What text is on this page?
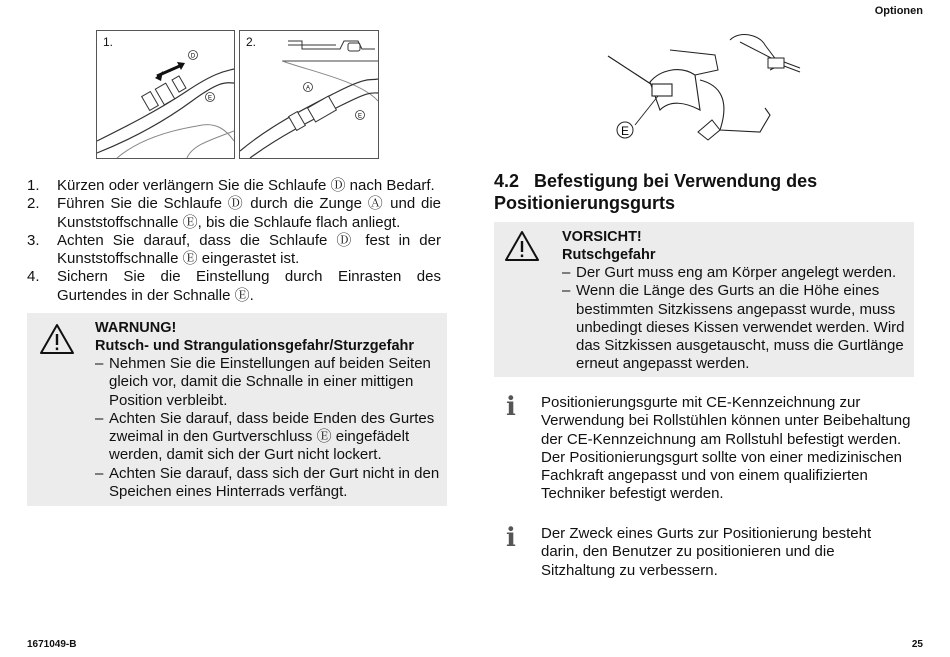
Optionen
1.
D
E
2.
A
E
E
1. Kürzen oder verlängern Sie die Schlaufe Ⓓ nach Bedarf.
2. Führen Sie die Schlaufe Ⓓ durch die Zunge Ⓐ und die Kunststoffschnalle Ⓔ, bis die Schlaufe flach anliegt.
3. Achten Sie darauf, dass die Schlaufe Ⓓ fest in der Kunststoffschnalle Ⓔ eingerastet ist.
4. Sichern Sie die Einstellung durch Einrasten des Gurtendes in der Schnalle Ⓔ.
WARNUNG!
Rutsch- und Strangulationsgefahr/Sturzgefahr
– Nehmen Sie die Einstellungen auf beiden Seiten gleich vor, damit die Schnalle in einer mittigen Position verbleibt.
– Achten Sie darauf, dass beide Enden des Gurtes zweimal in den Gurtverschluss Ⓔ eingefädelt werden, damit sich der Gurt nicht lockert.
– Achten Sie darauf, dass sich der Gurt nicht in den Speichen eines Hinterrads verfängt.
4.2 Befestigung bei Verwendung des Positionierungsgurts
VORSICHT!
Rutschgefahr
– Der Gurt muss eng am Körper angelegt werden.
– Wenn die Länge des Gurts an die Höhe eines bestimmten Sitzkissens angepasst wurde, muss unbedingt dieses Kissen verwendet werden. Wird das Sitzkissen ausgetauscht, muss die Gurtlänge erneut angepasst werden.
ℹ Positionierungsgurte mit CE-Kennzeichnung zur Verwendung bei Rollstühlen können unter Beibehaltung der CE-Kennzeichnung am Rollstuhl befestigt werden. Der Positionierungsgurt sollte von einer medizinischen Fachkraft angepasst und von einem qualifizierten Techniker befestigt werden.
ℹ Der Zweck eines Gurts zur Positionierung besteht darin, den Benutzer zu positionieren und die Sitzhaltung zu verbessern.
1671049-B	25
